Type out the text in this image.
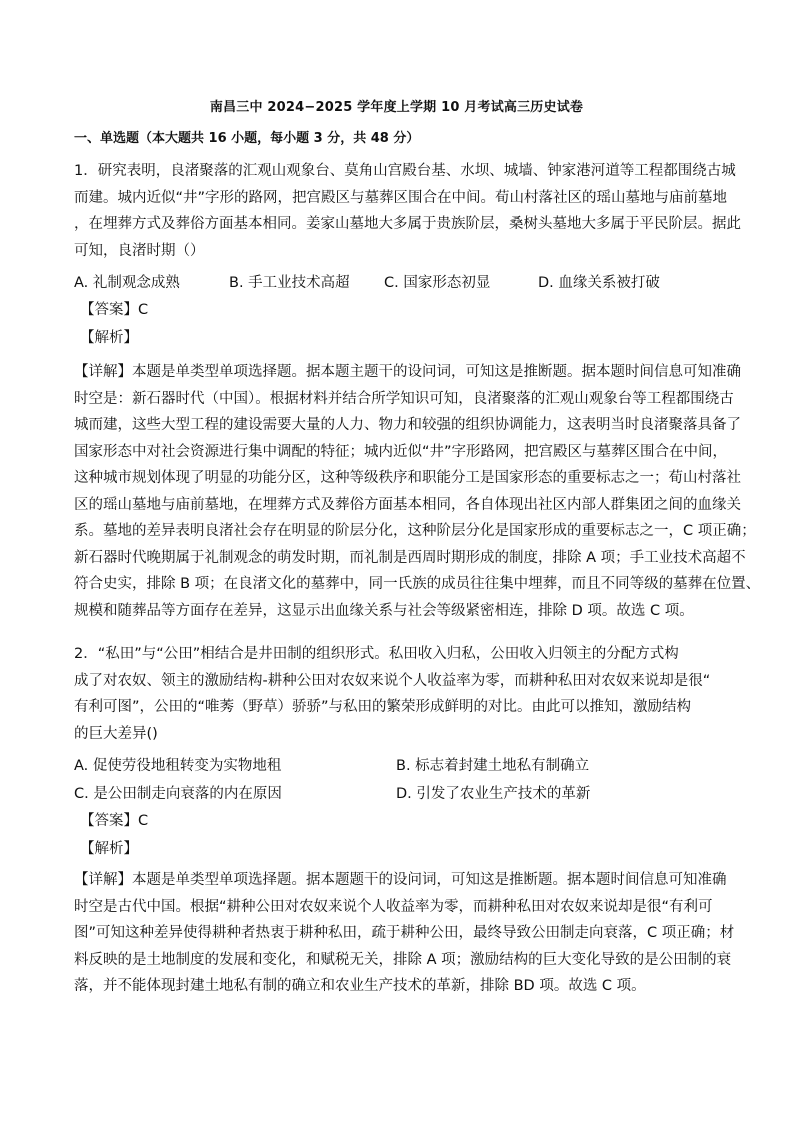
南昌三中 2024−2025 学年度上学期 10 月考试高三历史试卷
一、单选题（本大题共 16 小题，每小题 3 分，共 48 分）
1．研究表明，良渚聚落的汇观山观象台、莫角山宫殿台基、水坝、城墙、钟家港河道等工程都围绕古城
而建。城内近似“井”字形的路网，把宫殿区与墓葬区围合在中间。荀山村落社区的瑶山墓地与庙前墓地
，在埋葬方式及葬俗方面基本相同。姜家山墓地大多属于贵族阶层，桑树头墓地大多属于平民阶层。据此
可知，良渚时期（）
A. 礼制观念成熟	B. 手工业技术高超 C. 国家形态初显	D. 血缘关系被打破
【答案】C
【解析】
【详解】本题是单类型单项选择题。据本题主题干的设问词，可知这是推断题。据本题时间信息可知准确
时空是：新石器时代（中国）。根据材料并结合所学知识可知，良渚聚落的汇观山观象台等工程都围绕古
城而建，这些大型工程的建设需要大量的人力、物力和较强的组织协调能力，这表明当时良渚聚落具备了
国家形态中对社会资源进行集中调配的特征；城内近似“井”字形路网，把宫殿区与墓葬区围合在中间，
这种城市规划体现了明显的功能分区，这种等级秩序和职能分工是国家形态的重要标志之一；荀山村落社
区的瑶山墓地与庙前墓地，在埋葬方式及葬俗方面基本相同，各自体现出社区内部人群集团之间的血缘关
系。墓地的差异表明良渚社会存在明显的阶层分化，这种阶层分化是国家形成的重要标志之一，C 项正确；
新石器时代晚期属于礼制观念的萌发时期，而礼制是西周时期形成的制度，排除 A 项；手工业技术高超不
符合史实，排除 B 项；在良渚文化的墓葬中，同一氏族的成员往往集中埋葬，而且不同等级的墓葬在位置、
规模和随葬品等方面存在差异，这显示出血缘关系与社会等级紧密相连，排除 D 项。故选 C 项。
2．“私田”与“公田”相结合是井田制的组织形式。私田收入归私，公田收入归领主的分配方式构
成了对农奴、领主的激励结构-耕种公田对农奴来说个人收益率为零，而耕种私田对农奴来说却是很“
有利可图”，公田的“唯莠（野草）骄骄”与私田的繁荣形成鲜明的对比。由此可以推知，激励结构
的巨大差异()
A. 促使劳役地租转变为实物地租	B. 标志着封建土地私有制确立
C. 是公田制走向衰落的内在原因	D. 引发了农业生产技术的革新
【答案】C
【解析】
【详解】本题是单类型单项选择题。据本题题干的设问词，可知这是推断题。据本题时间信息可知准确
时空是古代中国。根据“耕种公田对农奴来说个人收益率为零，而耕种私田对农奴来说却是很“有利可
图”可知这种差异使得耕种者热衷于耕种私田，疏于耕种公田，最终导致公田制走向衰落，C 项正确；材
料反映的是土地制度的发展和变化，和赋税无关，排除 A 项；激励结构的巨大变化导致的是公田制的衰
落，并不能体现封建土地私有制的确立和农业生产技术的革新，排除 BD 项。故选 C 项。
